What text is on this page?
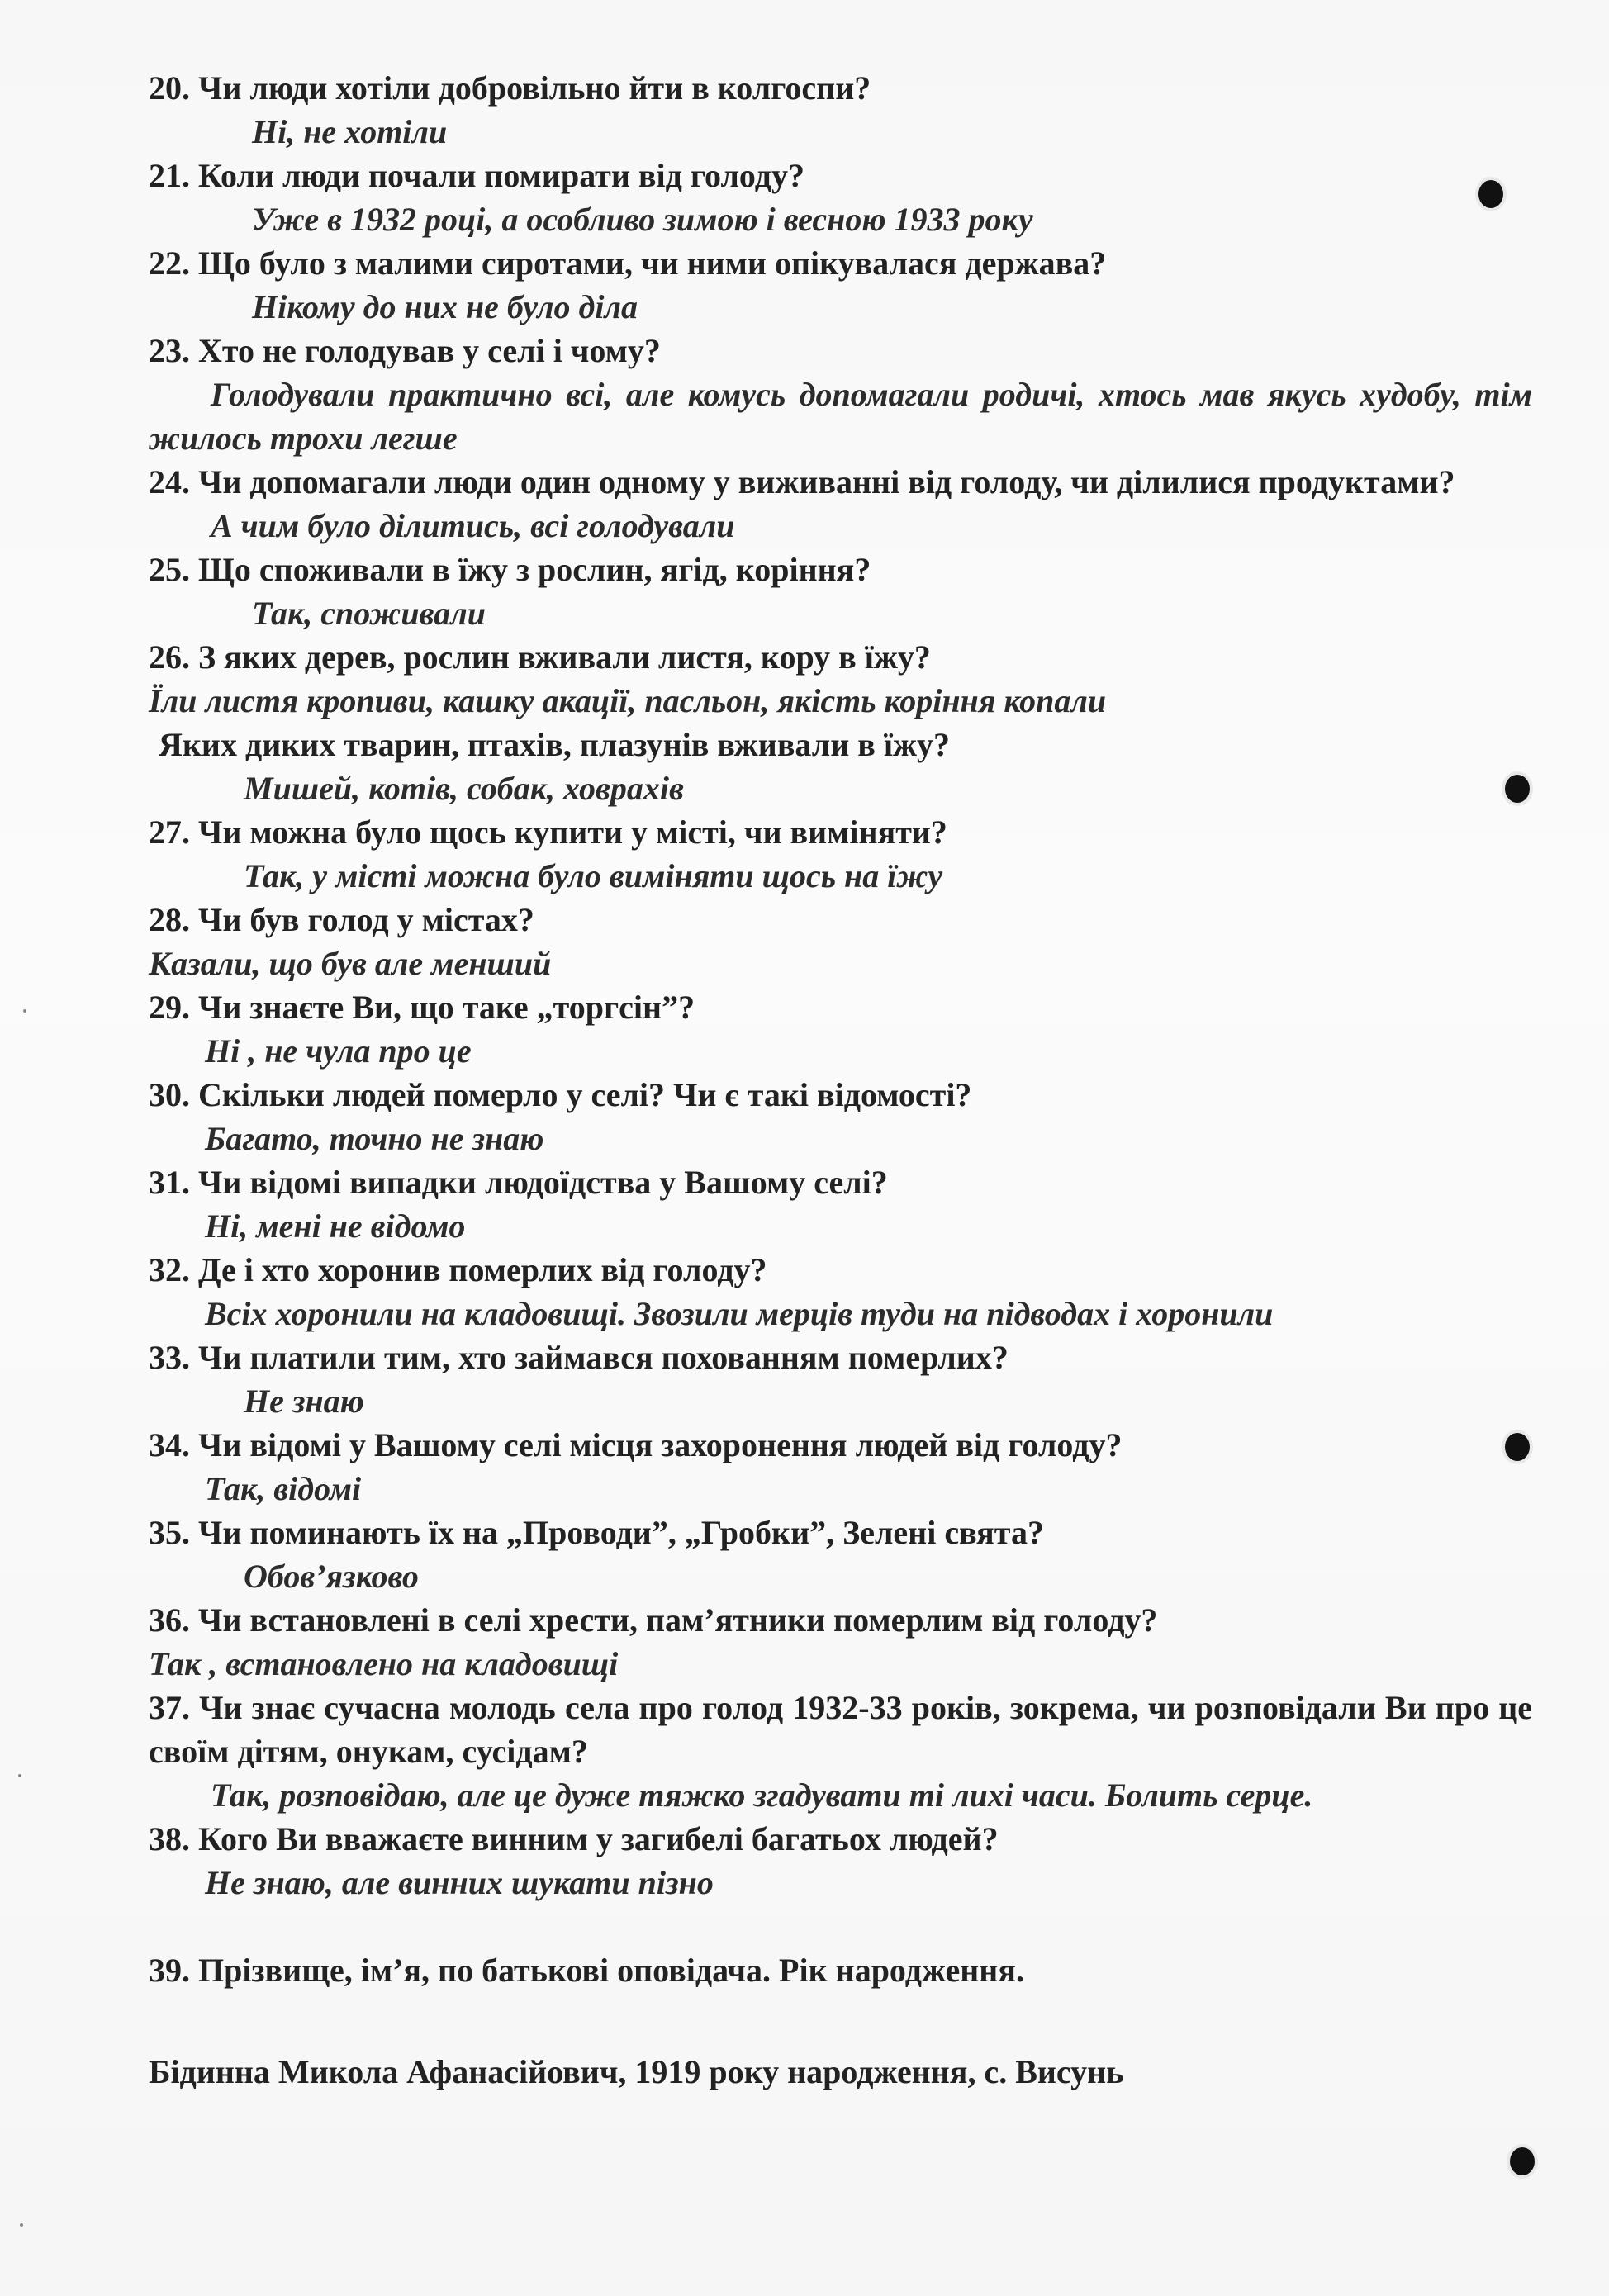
20. Чи люди хотіли добровільно йти в колгоспи?
Ні, не хотіли
21. Коли люди почали помирати від голоду?
Уже в 1932 році, а особливо зимою і весною 1933 року
22. Що було з малими сиротами, чи ними опікувалася держава?
Нікому до них не було діла
23. Хто не голодував у селі і чому?
Голодували практично всі, але комусь допомагали родичі, хтось мав якусь худобу, тім жилось трохи легше
24. Чи допомагали люди один одному у виживанні від голоду, чи ділилися продуктами?
А чим було ділитись, всі голодували
25. Що споживали в їжу з рослин, ягід, коріння?
Так, споживали
26. З яких дерев, рослин вживали листя, кору в їжу?
Їли листя кропиви, кашку акації, пасльон, якість коріння копали
Яких диких тварин, птахів, плазунів вживали в їжу?
Мишей, котів, собак, ховрахів
27. Чи можна було щось купити у місті, чи виміняти?
Так, у місті можна було виміняти щось на їжу
28. Чи був голод у містах?
Казали, що був але менший
29. Чи знаєте Ви, що таке „торгсін”?
Ні , не чула про це
30. Скільки людей померло у селі? Чи є такі відомості?
Багато, точно не знаю
31. Чи відомі випадки людоїдства у Вашому селі?
Ні, мені не відомо
32. Де і хто хоронив померлих від голоду?
Всіх хоронили на кладовищі. Звозили мерців туди на підводах і хоронили
33. Чи платили тим, хто займався похованням померлих?
Не знаю
34. Чи відомі у Вашому селі місця захоронення людей від голоду?
Так, відомі
35. Чи поминають їх на „Проводи”, „Гробки”, Зелені свята?
Обов’язково
36. Чи встановлені в селі хрести, пам’ятники померлим від голоду?
Так , встановлено на кладовищі
37. Чи знає сучасна молодь села про голод 1932-33 років, зокрема, чи розповідали Ви про це своїм дітям, онукам, сусідам?
Так, розповідаю, але це дуже тяжко згадувати ті лихі часи. Болить серце.
38. Кого Ви вважаєте винним у загибелі багатьох людей?
Не знаю, але винних шукати пізно
39. Прізвище, ім’я, по батькові оповідача. Рік народження.
Бідинна Микола Афанасійович, 1919 року народження, с. Висунь
